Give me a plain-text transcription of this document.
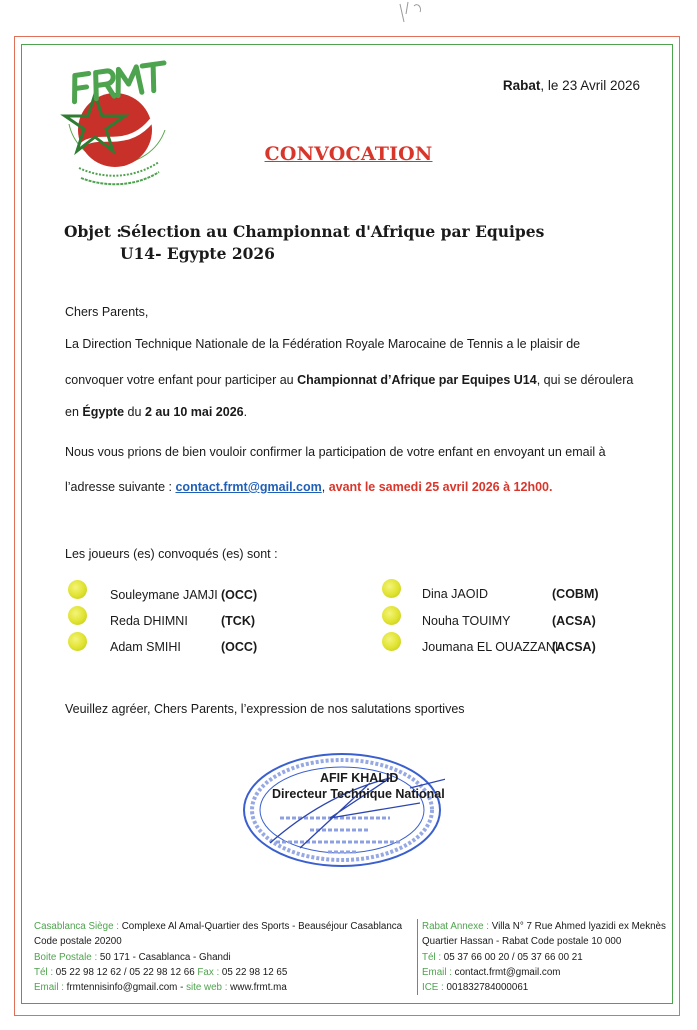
Rabat, le 23 Avril 2026
CONVOCATION
Objet :
Sélection au Championnat d'Afrique par Equipes U14- Egypte 2026
Chers Parents,
La Direction Technique Nationale de la Fédération Royale Marocaine de Tennis a le plaisir de
convoquer votre enfant pour participer au Championnat d’Afrique par Equipes U14, qui se déroulera
en Égypte du 2 au 10 mai 2026.
Nous vous prions de bien vouloir confirmer la participation de votre enfant en envoyant un email à
l’adresse suivante : contact.frmt@gmail.com, avant le samedi 25 avril 2026 à 12h00.
Les joueurs (es) convoqués (es) sont :
Souleymane JAMJI (OCC)
Reda DHIMNI	(TCK)
Adam SMIHI	(OCC)
Dina JAOID	(COBM)
Nouha TOUIMY	(ACSA)
Joumana EL OUAZZANI
(ACSA)
Veuillez agréer, Chers Parents, l’expression de nos salutations sportives
AFIF KHALID
Directeur Technique National
Casablanca Siège : Complexe Al Amal-Quartier des Sports - Beauséjour Casablanca
Code postale 20200
Boite Postale : 50 171 - Casablanca - Ghandi
Tél : 05 22 98 12 62 / 05 22 98 12 66 Fax : 05 22 98 12 65
Email : frmtennisinfo@gmail.com - site web : www.frmt.ma
Rabat Annexe : Villa N° 7 Rue Ahmed lyazidi ex Meknès
Quartier Hassan - Rabat Code postale 10 000
Tél : 05 37 66 00 20 / 05 37 66 00 21
Email : contact.frmt@gmail.com
ICE : 001832784000061
